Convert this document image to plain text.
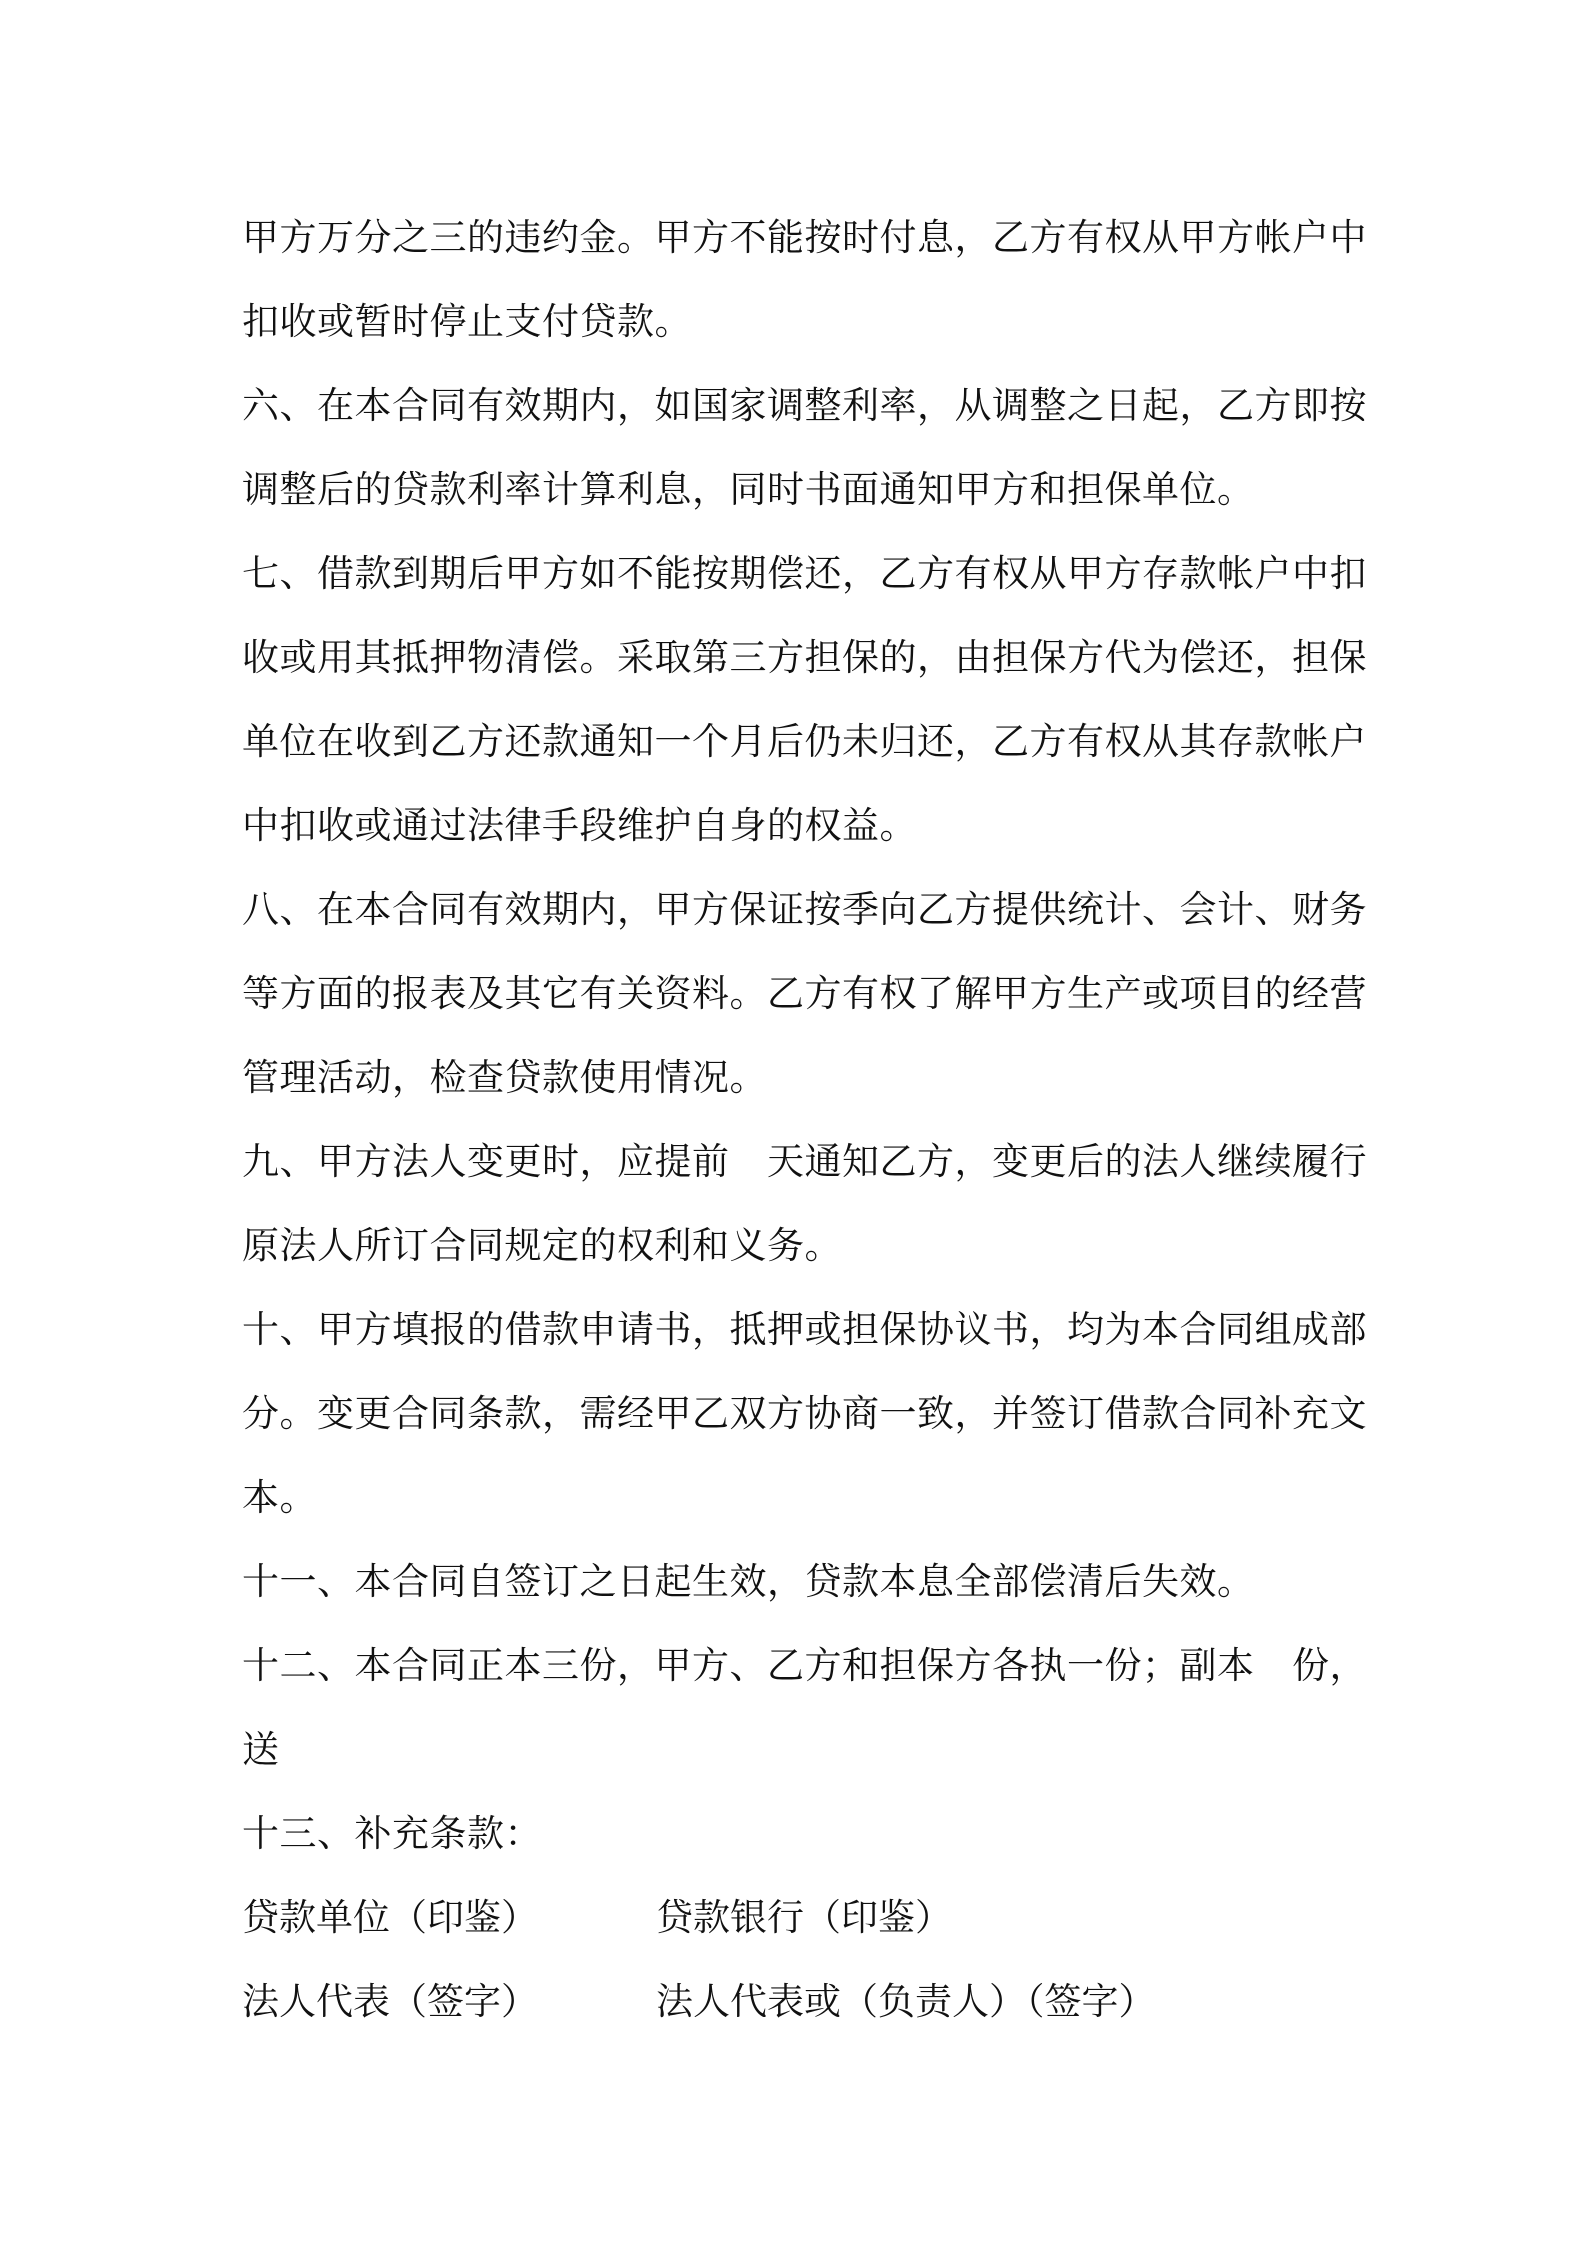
甲方万分之三的违约金。甲方不能按时付息，乙方有权从甲方帐户中
扣收或暂时停止支付贷款。
六、在本合同有效期内，如国家调整利率，从调整之日起，乙方即按
调整后的贷款利率计算利息，同时书面通知甲方和担保单位。
七、借款到期后甲方如不能按期偿还，乙方有权从甲方存款帐户中扣
收或用其抵押物清偿。采取第三方担保的，由担保方代为偿还，担保
单位在收到乙方还款通知一个月后仍未归还，乙方有权从其存款帐户
中扣收或通过法律手段维护自身的权益。
八、在本合同有效期内，甲方保证按季向乙方提供统计、会计、财务
等方面的报表及其它有关资料。乙方有权了解甲方生产或项目的经营
管理活动，检查贷款使用情况。
九、甲方法人变更时，应提前　天通知乙方，变更后的法人继续履行
原法人所订合同规定的权利和义务。
十、甲方填报的借款申请书，抵押或担保协议书，均为本合同组成部
分。变更合同条款，需经甲乙双方协商一致，并签订借款合同补充文
本。
十一、本合同自签订之日起生效，贷款本息全部偿清后失效。
十二、本合同正本三份，甲方、乙方和担保方各执一份；副本　份，
送
十三、补充条款：
贷款单位（印鉴）	贷款银行（印鉴）
法人代表（签字）	法人代表或（负责人）（签字）
